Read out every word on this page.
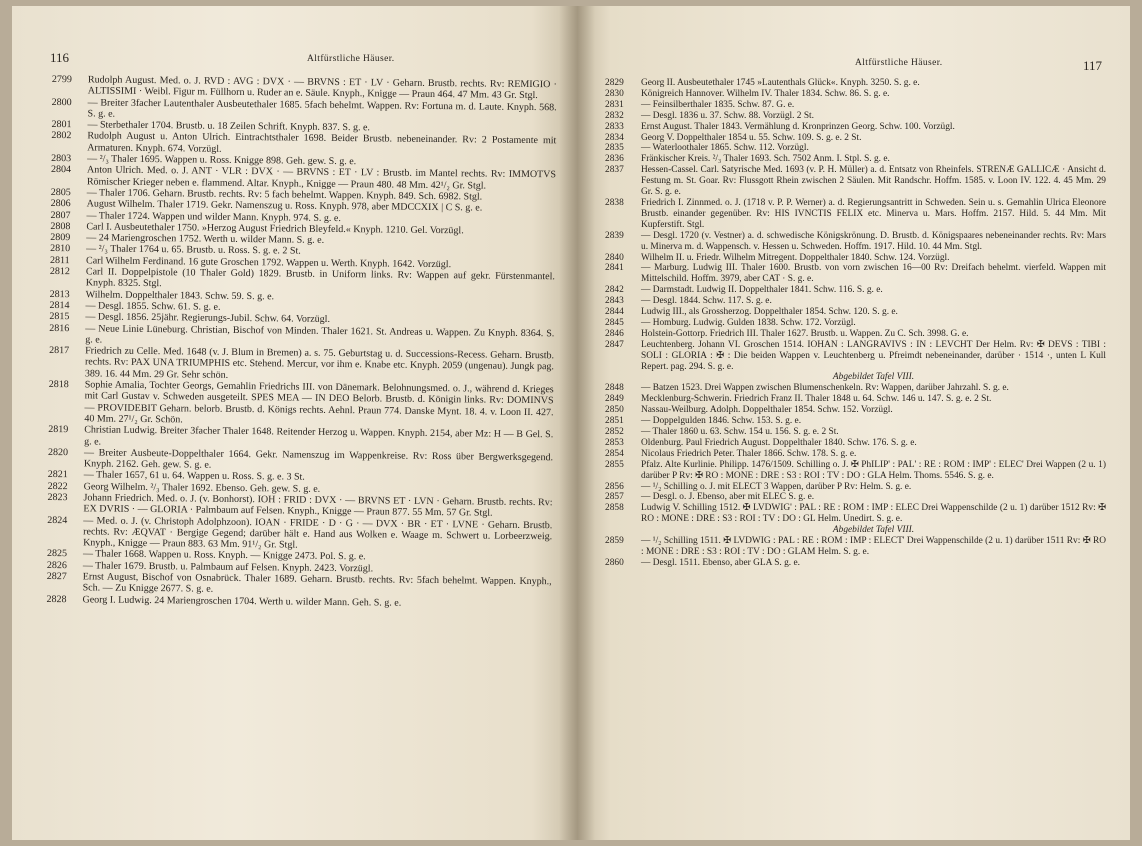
116	Altfürstliche Häuser.
2799	Rudolph August. Med. o. J. RVD : AVG : DVX · — BRVNS : ET · LV · Geharn. Brustb. rechts. Rv: REMIGIO · ALTISSIMI · Weibl. Figur m. Füllhorn u. Ruder an e. Säule. Knyph., Knigge — Praun 464. 47 Mm. 43 Gr. Stgl.
2800	— Breiter 3facher Lautenthaler Ausbeutethaler 1685. 5fach behelmt. Wappen. Rv: Fortuna m. d. Laute. Knyph. 568. S. g. e.
2801	— Sterbethaler 1704. Brustb. u. 18 Zeilen Schrift. Knyph. 837. S. g. e.
2802	Rudolph August u. Anton Ulrich. Eintrachtsthaler 1698. Beider Brustb. nebeneinander. Rv: 2 Postamente mit Armaturen. Knyph. 674. Vorzügl.
2803	— ²/₃ Thaler 1695. Wappen u. Ross. Knigge 898. Geh. gew. S. g. e.
2804	Anton Ulrich. Med. o. J. ANT · VLR : DVX · — BRVNS : ET · LV : Brustb. im Mantel rechts. Rv: IMMOTVS Römischer Krieger neben e. flammend. Altar. Knyph., Knigge — Praun 480. 48 Mm. 42¹/₂ Gr. Stgl.
2805	— Thaler 1706. Geharn. Brustb. rechts. Rv: 5 fach behelmt. Wappen. Knyph. 849. Sch. 6982. Stgl.
2806	August Wilhelm. Thaler 1719. Gekr. Namenszug u. Ross. Knyph. 978, aber MDCCXIX | C S. g. e.
2807	— Thaler 1724. Wappen und wilder Mann. Knyph. 974. S. g. e.
2808	Carl I. Ausbeutethaler 1750. »Herzog August Friedrich Bleyfeld.« Knyph. 1210. Gel. Vorzügl.
2809	— 24 Mariengroschen 1752. Werth u. wilder Mann. S. g. e.
2810	— ²/₃ Thaler 1764 u. 65. Brustb. u. Ross. S. g. e. 2 St.
2811	Carl Wilhelm Ferdinand. 16 gute Groschen 1792. Wappen u. Werth. Knyph. 1642. Vorzügl.
2812	Carl II. Doppelpistole (10 Thaler Gold) 1829. Brustb. in Uniform links. Rv: Wappen auf gekr. Fürstenmantel. Knyph. 8325. Stgl.
2813	Wilhelm. Doppelthaler 1843. Schw. 59. S. g. e.
2814	— Desgl. 1855. Schw. 61. S. g. e.
2815	— Desgl. 1856. 25jähr. Regierungs-Jubil. Schw. 64. Vorzügl.
2816	— Neue Linie Lüneburg. Christian, Bischof von Minden. Thaler 1621. St. Andreas u. Wappen. Zu Knyph. 8364. S. g. e.
2817	Friedrich zu Celle. Med. 1648 (v. J. Blum in Bremen) a. s. 75. Geburtstag u. d. Successions-Recess. Geharn. Brustb. rechts. Rv: PAX UNA TRIUMPHIS etc. Stehend. Mercur, vor ihm e. Knabe etc. Knyph. 2059 (ungenau). Jungk pag. 389. 16. 44 Mm. 29 Gr. Sehr schön.
2818	Sophie Amalia, Tochter Georgs, Gemahlin Friedrichs III. von Dänemark. Belohnungsmed. o. J., während d. Krieges mit Carl Gustav v. Schweden ausgeteilt. SPES MEA — IN DEO Belorb. Brustb. d. Königin links. Rv: DOMINVS — PROVIDEBIT Geharn. belorb. Brustb. d. Königs rechts. Aehnl. Praun 774. Danske Mynt. 18. 4. v. Loon II. 427. 40 Mm. 27¹/₂ Gr. Schön.
2819	Christian Ludwig. Breiter 3facher Thaler 1648. Reitender Herzog u. Wappen. Knyph. 2154, aber Mz: H — B Gel. S. g. e.
2820	— Breiter Ausbeute-Doppelthaler 1664. Gekr. Namenszug im Wappenkreise. Rv: Ross über Bergwerksgegend. Knyph. 2162. Geh. gew. S. g. e.
2821	— Thaler 1657, 61 u. 64. Wappen u. Ross. S. g. e. 3 St.
2822	Georg Wilhelm. ²/₃ Thaler 1692. Ebenso. Geh. gew. S. g. e.
2823	Johann Friedrich. Med. o. J. (v. Bonhorst). IOH : FRID : DVX · — BRVNS ET · LVN · Geharn. Brustb. rechts. Rv: EX DVRIS · — GLORIA · Palmbaum auf Felsen. Knyph., Knigge — Praun 877. 55 Mm. 57 Gr. Stgl.
2824	— Med. o. J. (v. Christoph Adolphzoon). IOAN · FRIDE · D · G · — DVX · BR · ET · LVNE · Geharn. Brustb. rechts. Rv: ÆQVAT · Bergige Gegend; darüber hält e. Hand aus Wolken e. Waage m. Schwert u. Lorbeerzweig. Knyph., Knigge — Praun 883. 63 Mm. 91¹/₂ Gr. Stgl.
2825	— Thaler 1668. Wappen u. Ross. Knyph. — Knigge 2473. Pol. S. g. e.
2826	— Thaler 1679. Brustb. u. Palmbaum auf Felsen. Knyph. 2423. Vorzügl.
2827	Ernst August, Bischof von Osnabrück. Thaler 1689. Geharn. Brustb. rechts. Rv: 5fach behelmt. Wappen. Knyph., Sch. — Zu Knigge 2677. S. g. e.
2828	Georg I. Ludwig. 24 Mariengroschen 1704. Werth u. wilder Mann. Geh. S. g. e.
Altfürstliche Häuser.	117
2829	Georg II. Ausbeutethaler 1745 »Lautenthals Glück«. Knyph. 3250. S. g. e.
2830	Königreich Hannover. Wilhelm IV. Thaler 1834. Schw. 86. S. g. e.
2831	— Feinsilberthaler 1835. Schw. 87. G. e.
2832	— Desgl. 1836 u. 37. Schw. 88. Vorzügl. 2 St.
2833	Ernst August. Thaler 1843. Vermählung d. Kronprinzen Georg. Schw. 100. Vorzügl.
2834	Georg V. Doppelthaler 1854 u. 55. Schw. 109. S. g. e. 2 St.
2835	— Waterloothaler 1865. Schw. 112. Vorzügl.
2836	Fränkischer Kreis. ²/₃ Thaler 1693. Sch. 7502 Anm. I. Stpl. S. g. e.
2837	Hessen-Cassel. Carl. Satyrische Med. 1693 (v. P. H. Müller) a. d. Entsatz von Rheinfels. STRENÆ GALLICÆ · Ansicht d. Festung m. St. Goar. Rv: Flussgott Rhein zwischen 2 Säulen. Mit Randschr. Hoffm. 1585. v. Loon IV. 122. 4. 45 Mm. 29 Gr. S. g. e.
2838	Friedrich I. Zinnmed. o. J. (1718 v. P. P. Werner) a. d. Regierungsantritt in Schweden. Sein u. s. Gemahlin Ulrica Eleonore Brustb. einander gegenüber. Rv: HIS IVNCTIS FELIX etc. Minerva u. Mars. Hoffm. 2157. Hild. 5. 44 Mm. Mit Kupferstift. Stgl.
2839	— Desgl. 1720 (v. Vestner) a. d. schwedische Königskrönung. D. Brustb. d. Königspaares nebeneinander rechts. Rv: Mars u. Minerva m. d. Wappensch. v. Hessen u. Schweden. Hoffm. 1917. Hild. 10. 44 Mm. Stgl.
2840	Wilhelm II. u. Friedr. Wilhelm Mitregent. Doppelthaler 1840. Schw. 124. Vorzügl.
2841	— Marburg. Ludwig III. Thaler 1600. Brustb. von vorn zwischen 16—00 Rv: Dreifach behelmt. vierfeld. Wappen mit Mittelschild. Hoffm. 3979, aber CAT · S. g. e.
2842	— Darmstadt. Ludwig II. Doppelthaler 1841. Schw. 116. S. g. e.
2843	— Desgl. 1844. Schw. 117. S. g. e.
2844	Ludwig III., als Grossherzog. Doppelthaler 1854. Schw. 120. S. g. e.
2845	— Homburg. Ludwig. Gulden 1838. Schw. 172. Vorzügl.
2846	Holstein-Gottorp. Friedrich III. Thaler 1627. Brustb. u. Wappen. Zu C. Sch. 3998. G. e.
2847	Leuchtenberg. Johann VI. Groschen 1514. IOHAN : LANGRAVIVS : IN : LEVCHT Der Helm. Rv: ✠ DEVS : TIBI : SOLI : GLORIA : ✠ : Die beiden Wappen v. Leuchtenberg u. Pfreimdt nebeneinander, darüber · 1514 ·, unten L Kull Repert. pag. 294. S. g. e.
Abgebildet Tafel VIII.
2848	— Batzen 1523. Drei Wappen zwischen Blumenschenkeln. Rv: Wappen, darüber Jahrzahl. S. g. e.
2849	Mecklenburg-Schwerin. Friedrich Franz II. Thaler 1848 u. 64. Schw. 146 u. 147. S. g. e. 2 St.
2850	Nassau-Weilburg. Adolph. Doppelthaler 1854. Schw. 152. Vorzügl.
2851	— Doppelgulden 1846. Schw. 153. S. g. e.
2852	— Thaler 1860 u. 63. Schw. 154 u. 156. S. g. e. 2 St.
2853	Oldenburg. Paul Friedrich August. Doppelthaler 1840. Schw. 176. S. g. e.
2854	Nicolaus Friedrich Peter. Thaler 1866. Schw. 178. S. g. e.
2855	Pfalz. Alte Kurlinie. Philipp. 1476/1509. Schilling o. J. ✠ PhILIP' : PAL' : RE : ROM : IMP' : ELEC' Drei Wappen (2 u. 1) darüber P Rv: ✠ RO : MONE : DRE : S3 : ROI : TV : DO : GLA Helm. Thoms. 5546. S. g. e.
2856	— ¹/₂ Schilling o. J. mit ELECT 3 Wappen, darüber P Rv: Helm. S. g. e.
2857	— Desgl. o. J. Ebenso, aber mit ELEC S. g. e.
2858	Ludwig V. Schilling 1512. ✠ LVDWIG' : PAL : RE : ROM : IMP : ELEC Drei Wappenschilde (2 u. 1) darüber 1512 Rv: ✠ RO : MONE : DRE : S3 : ROI : TV : DO : GL Helm. Unedirt. S. g. e.
Abgebildet Tafel VIII.
2859	— ¹/₂ Schilling 1511. ✠ LVDWIG : PAL : RE : ROM : IMP : ELECT' Drei Wappenschilde (2 u. 1) darüber 1511 Rv: ✠ RO : MONE : DRE : S3 : ROI : TV : DO : GLAM Helm. S. g. e.
2860	— Desgl. 1511. Ebenso, aber GLA S. g. e.
